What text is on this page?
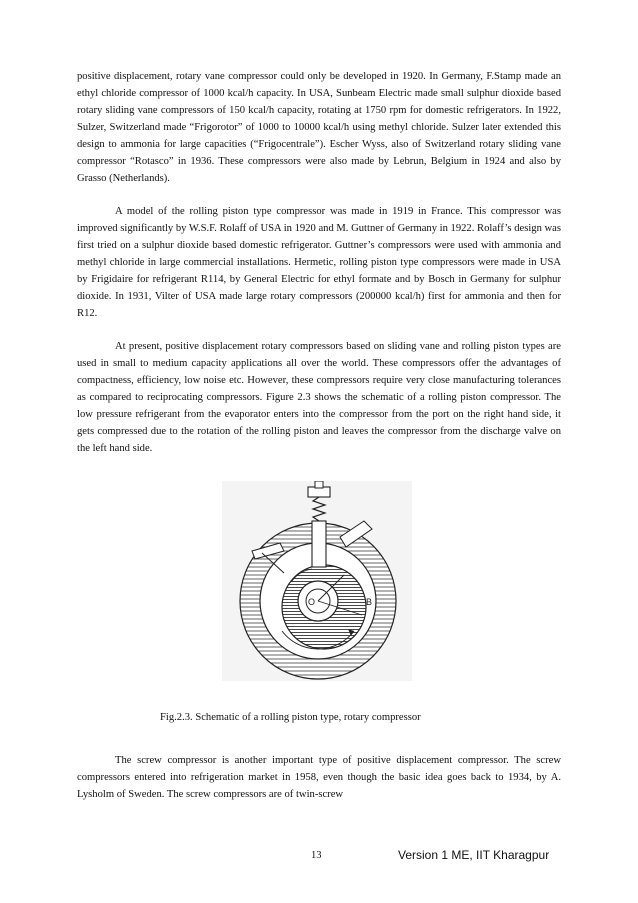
positive displacement, rotary vane compressor could only be developed in 1920. In Germany, F.Stamp made an ethyl chloride compressor of 1000 kcal/h capacity. In USA, Sunbeam Electric made small sulphur dioxide based rotary sliding vane compressors of 150 kcal/h capacity, rotating at 1750 rpm for domestic refrigerators. In 1922, Sulzer, Switzerland made “Frigorotor” of 1000 to 10000 kcal/h using methyl chloride. Sulzer later extended this design to ammonia for large capacities (“Frigocentrale”). Escher Wyss, also of Switzerland rotary sliding vane compressor “Rotasco” in 1936. These compressors were also made by Lebrun, Belgium in 1924 and also by Grasso (Netherlands).

A model of the rolling piston type compressor was made in 1919 in France. This compressor was improved significantly by W.S.F. Rolaff of USA in 1920 and M. Guttner of Germany in 1922. Rolaff’s design was first tried on a sulphur dioxide based domestic refrigerator. Guttner’s compressors were used with ammonia and methyl chloride in large commercial installations. Hermetic, rolling piston type compressors were made in USA by Frigidaire for refrigerant R114, by General Electric for ethyl formate and by Bosch in Germany for sulphur dioxide. In 1931, Vilter of USA made large rotary compressors (200000 kcal/h) first for ammonia and then for R12.

At present, positive displacement rotary compressors based on sliding vane and rolling piston types are used in small to medium capacity applications all over the world. These compressors offer the advantages of compactness, efficiency, low noise etc. However, these compressors require very close manufacturing tolerances as compared to reciprocating compressors. Figure 2.3 shows the schematic of a rolling piston compressor. The low pressure refrigerant from the evaporator enters into the compressor from the port on the right hand side, it gets compressed due to the rotation of the rolling piston and leaves the compressor from the discharge valve on the left hand side.

O	B
Fig.2.3. Schematic of a rolling piston type, rotary compressor

The screw compressor is another important type of positive displacement compressor. The screw compressors entered into refrigeration market in 1958, even though the basic idea goes back to 1934, by A. Lysholm of Sweden. The screw compressors are of twin-screw

13	Version 1 ME, IIT Kharagpur
